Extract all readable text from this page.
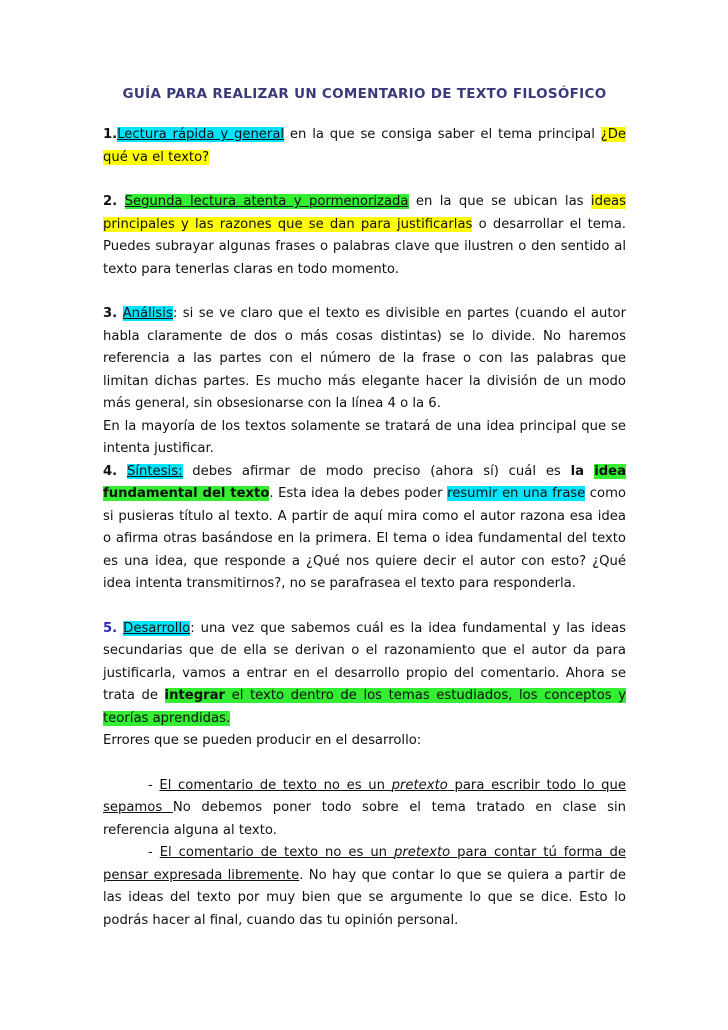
GUÍA PARA REALIZAR UN COMENTARIO DE TEXTO FILOSÓFICO

1.Lectura rápida y general en la que se consiga saber el tema principal ¿De qué va el texto?

2. Segunda lectura atenta y pormenorizada en la que se ubican las ideas principales y las razones que se dan para justificarlas o desarrollar el tema. Puedes subrayar algunas frases o palabras clave que ilustren o den sentido al texto para tenerlas claras en todo momento.

3. Análisis: si se ve claro que el texto es divisible en partes (cuando el autor habla claramente de dos o más cosas distintas) se lo divide. No haremos referencia a las partes con el número de la frase o con las palabras que limitan dichas partes. Es mucho más elegante hacer la división de un modo más general, sin obsesionarse con la línea 4 o la 6.

En la mayoría de los textos solamente se tratará de una idea principal que se intenta justificar.

4. Síntesis: debes afirmar de modo preciso (ahora sí) cuál es la idea fundamental del texto. Esta idea la debes poder resumir en una frase como si pusieras título al texto. A partir de aquí mira como el autor razona esa idea o afirma otras basándose en la primera. El tema o idea fundamental del texto es una idea, que responde a ¿Qué nos quiere decir el autor con esto? ¿Qué idea intenta transmitirnos?, no se parafrasea el texto para responderla.

5. Desarrollo: una vez que sabemos cuál es la idea fundamental y las ideas secundarias que de ella se derivan o el razonamiento que el autor da para justificarla, vamos a entrar en el desarrollo propio del comentario. Ahora se trata de integrar el texto dentro de los temas estudiados, los conceptos y teorías aprendidas.

Errores que se pueden producir en el desarrollo:

- El comentario de texto no es un pretexto para escribir todo lo que sepamos No debemos poner todo sobre el tema tratado en clase sin referencia alguna al texto.

- El comentario de texto no es un pretexto para contar tú forma de pensar expresada libremente. No hay que contar lo que se quiera a partir de las ideas del texto por muy bien que se argumente lo que se dice. Esto lo podrás hacer al final, cuando das tu opinión personal.
